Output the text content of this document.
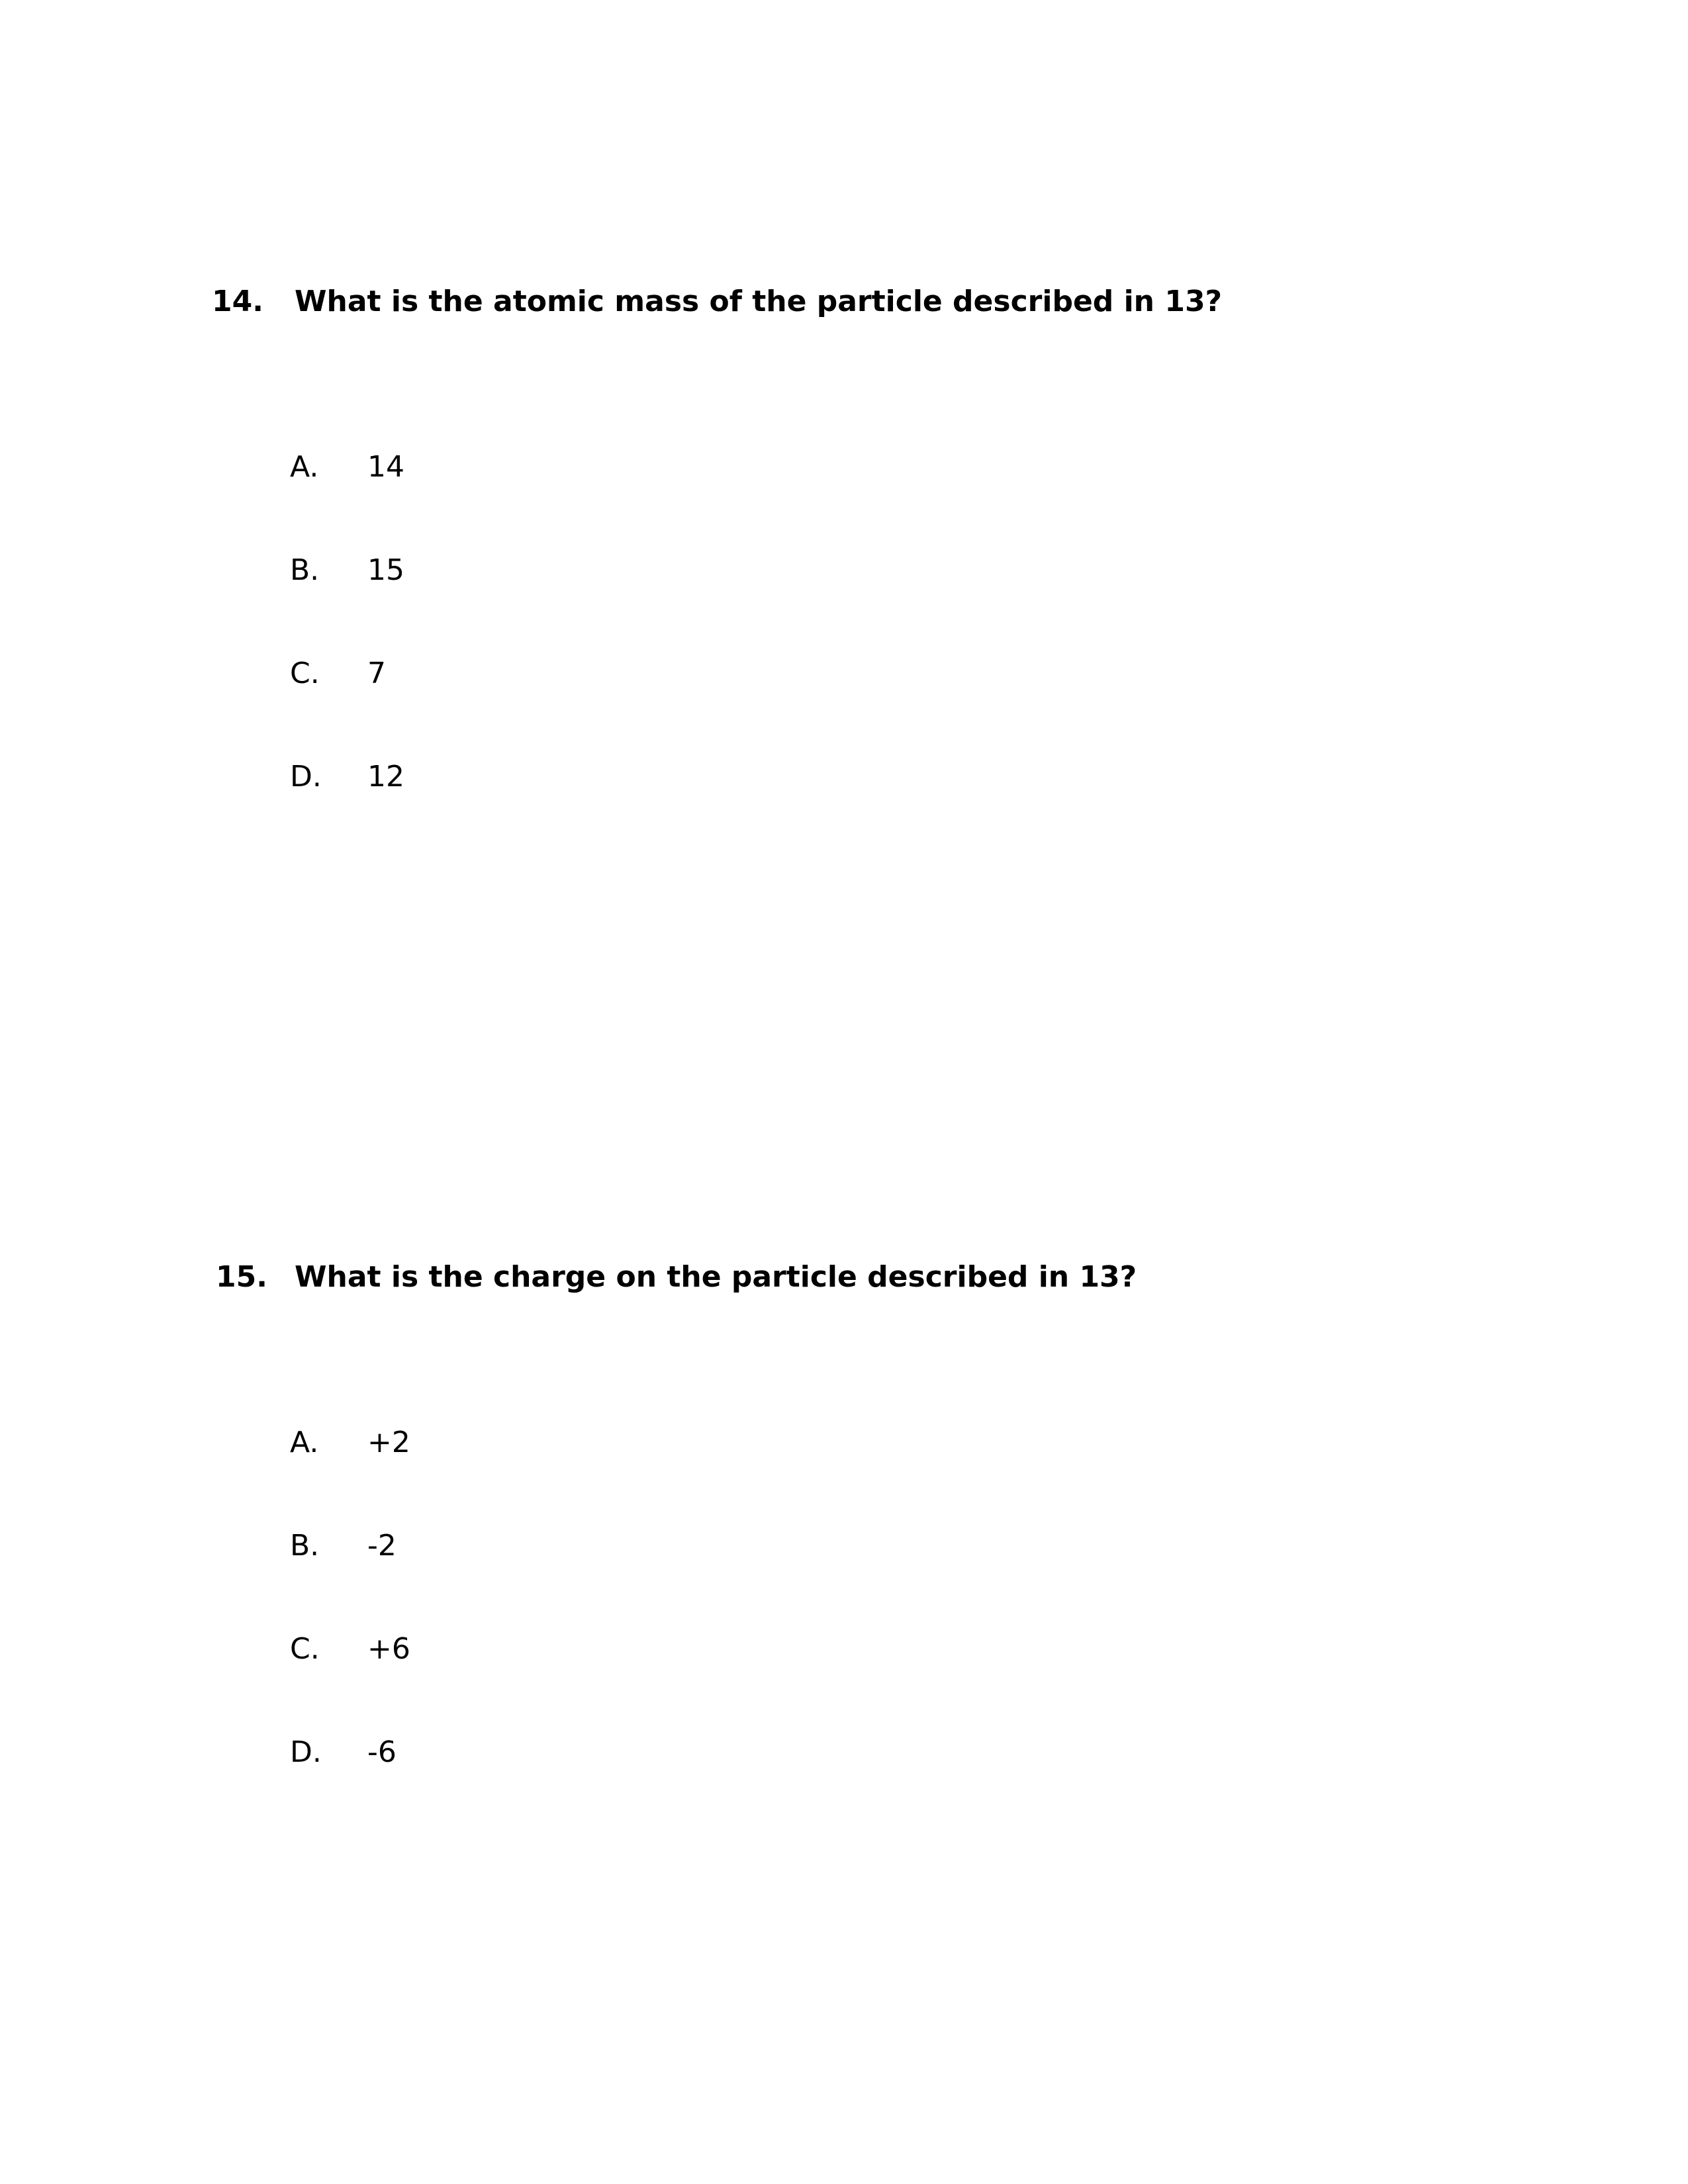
14. What is the atomic mass of the particle described in 13?
A. 14
B. 15
C. 7
D. 12
15. What is the charge on the particle described in 13?
A. +2
B. -2
C. +6
D. -6
